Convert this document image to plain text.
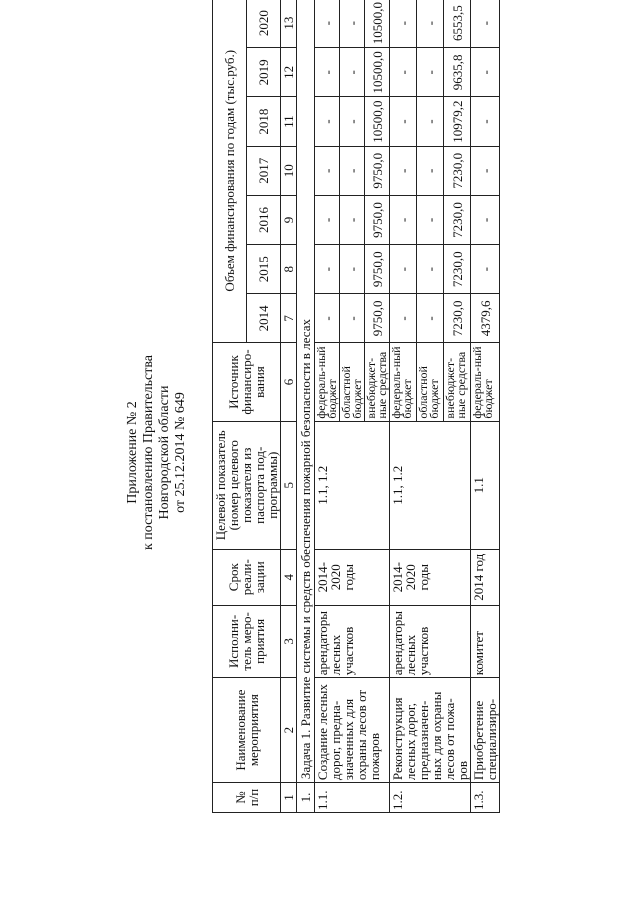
Приложение № 2 к постановлению Правительства Новгородской области от 25.12.2014 № 649
№ п/п	Наименование мероприятия	Исполни-тель меро-приятия	Срок реали-зации	Целевой показатель (номер целевого показателя из паспорта под-программы)	Источник финансиро-вания	Объем финансирования по годам (тыс.руб.)						
						2014	2015	2016	2017	2018	2019	2020
1	2	3	4	5	6	7	8	9	10	11	12	13
1.	Задача 1. Развитие системы и средств обеспечения пожарной безопасности в лесах											
1.1.	Создание лесных дорог, предна-значенных для охраны лесов от пожаров	арендаторы лесных участков	2014-2020 годы	1.1, 1.2	федераль-ный бюджет	-	-	-	-	-	-	-
					областной бюджет	-	-	-	-	-	-	-
					внебюджет-ные средства	9750,0	9750,0	9750,0	9750,0	10500,0	10500,0	10500,0
1.2.	Реконструкция лесных дорог, предназначен-ных для охраны лесов от пожа-ров	арендаторы лесных участков	2014-2020 годы	1.1, 1.2	федераль-ный бюджет	-	-	-	-	-	-	-
					областной бюджет	-	-	-	-	-	-	-
					внебюджет-ные средства	7230,0	7230,0	7230,0	7230,0	10979,2	9635,8	6553,5
1.3.	Приобретение специализиро-	комитет	2014 год	1.1	федераль-ный бюджет	4379,6	-	-	-	-	-	-
